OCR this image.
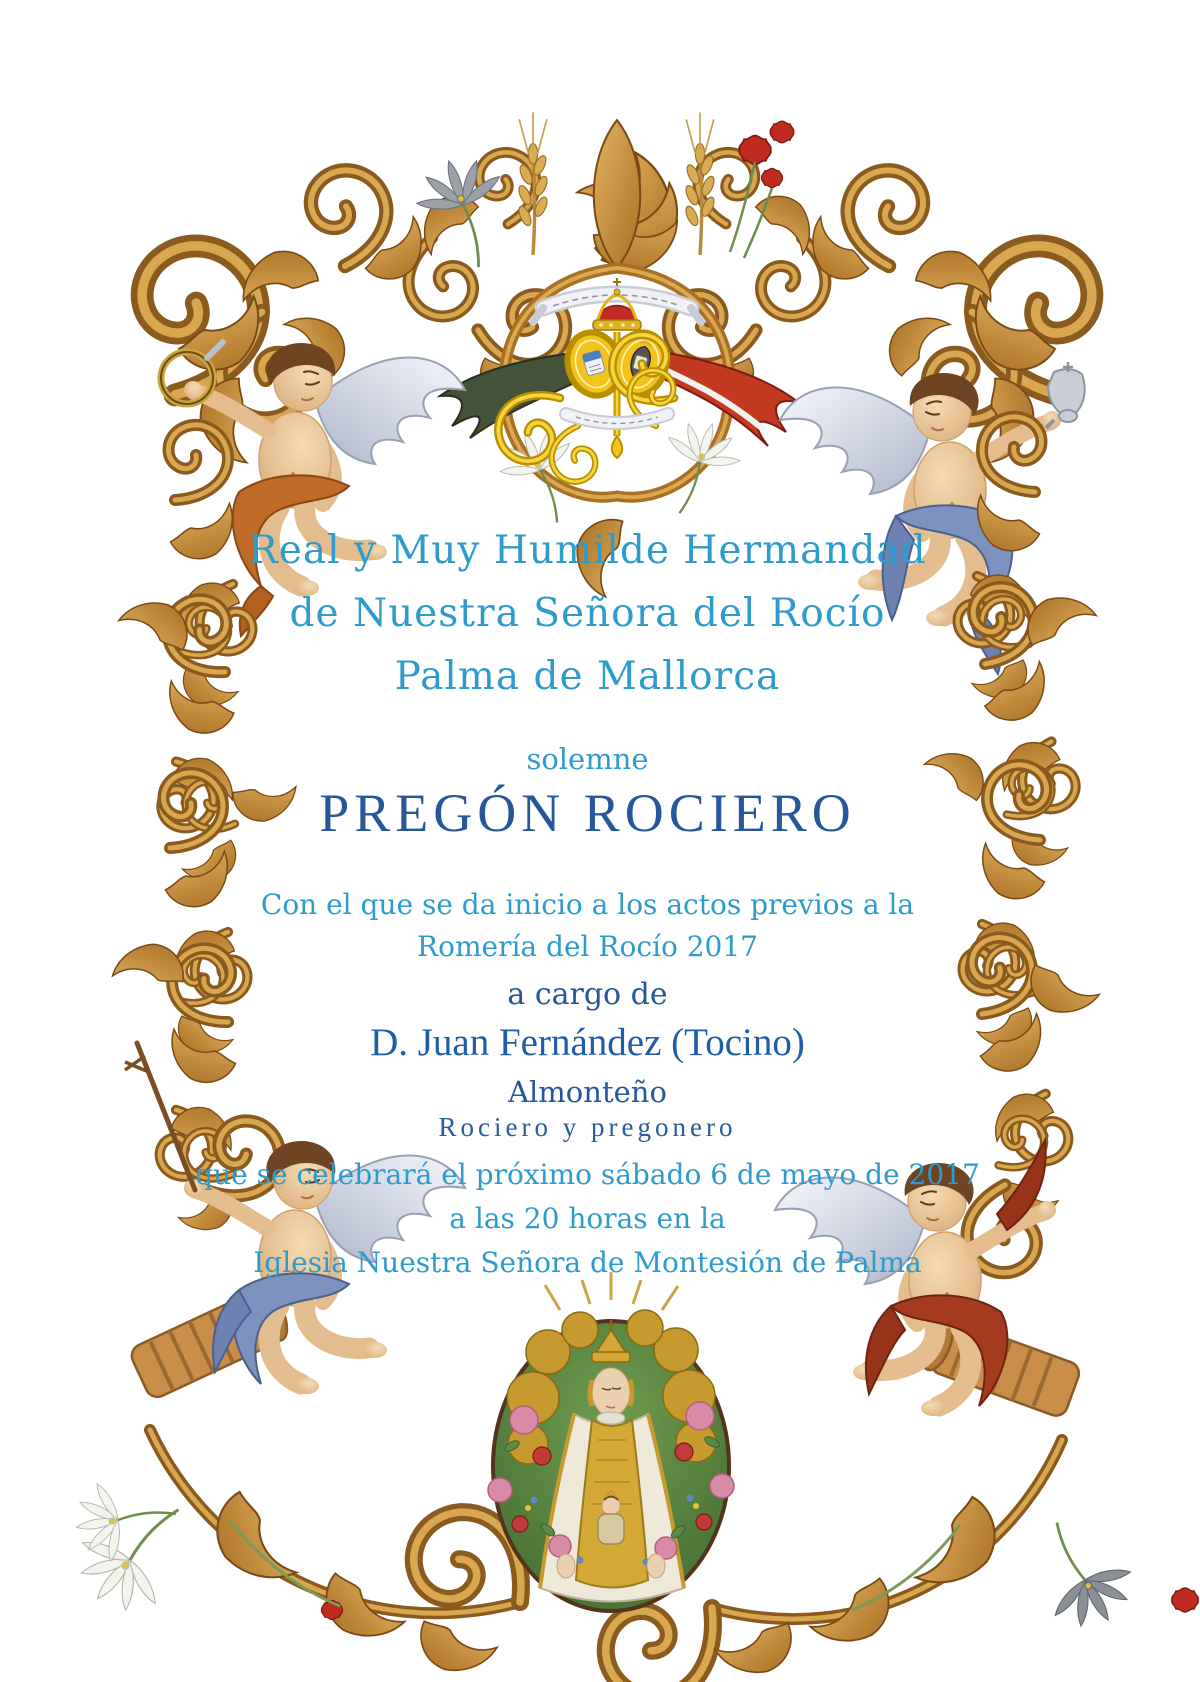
Real y Muy Humilde Hermandad
de Nuestra Señora del Rocío
Palma de Mallorca
solemne
PREGÓN ROCIERO
Con el que se da inicio a los actos previos a la
Romería del Rocío 2017
a cargo de
D. Juan Fernández (Tocino)
Almonteño
Rociero y pregonero
que se celebrará el próximo sábado 6 de mayo de 2017
a las 20 horas en la
Iglesia Nuestra Señora de Montesión de Palma
